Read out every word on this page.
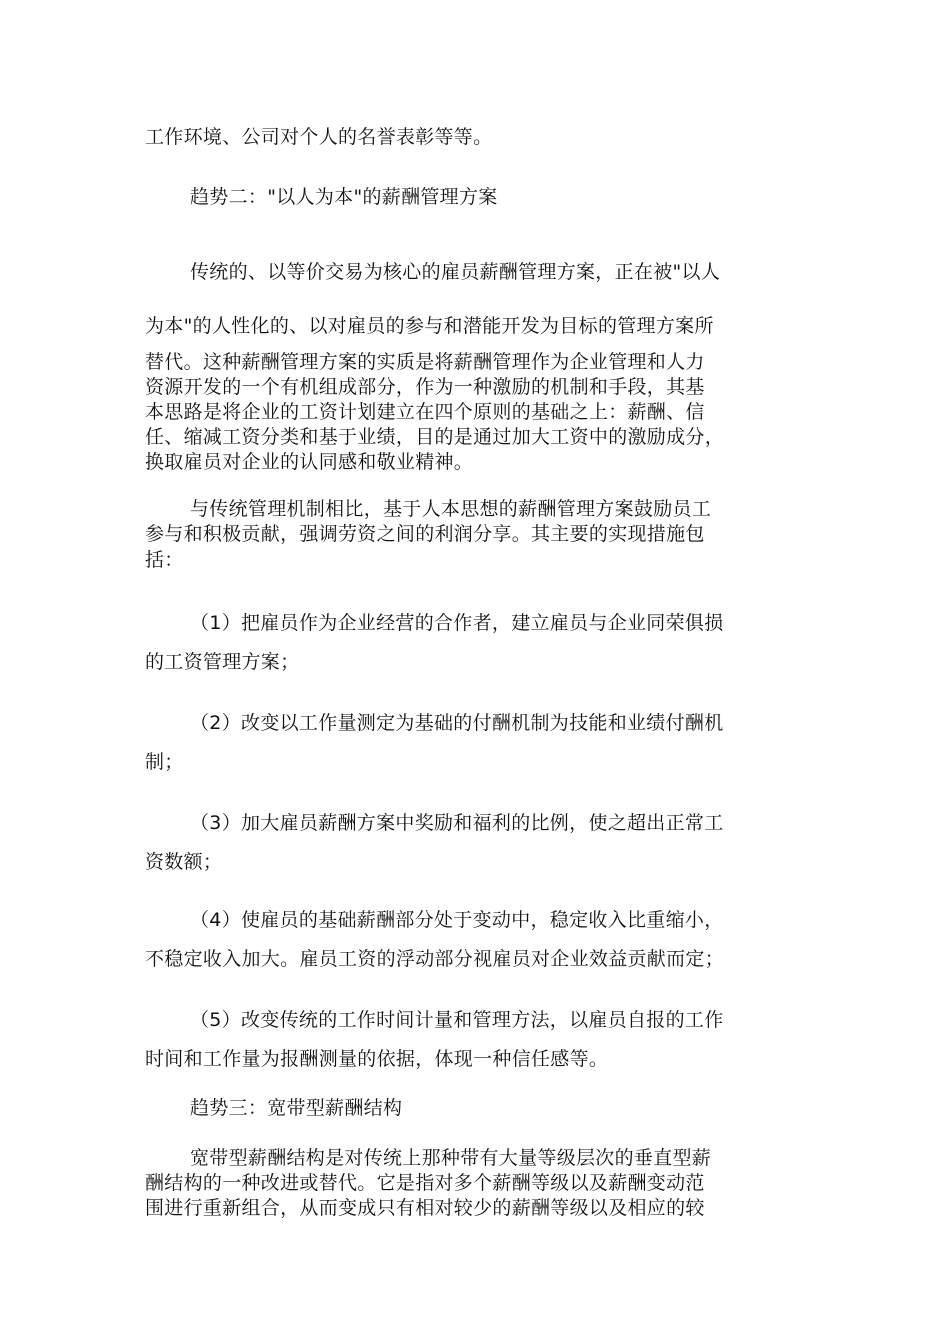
工作环境、公司对个人的名誉表彰等等。
趋势二："以人为本"的薪酬管理方案
传统的、以等价交易为核心的雇员薪酬管理方案，正在被"以人
为本"的人性化的、以对雇员的参与和潜能开发为目标的管理方案所
替代。这种薪酬管理方案的实质是将薪酬管理作为企业管理和人力
资源开发的一个有机组成部分，作为一种激励的机制和手段，其基
本思路是将企业的工资计划建立在四个原则的基础之上：薪酬、信
任、缩减工资分类和基于业绩，目的是通过加大工资中的激励成分，
换取雇员对企业的认同感和敬业精神。
与传统管理机制相比，基于人本思想的薪酬管理方案鼓励员工
参与和积极贡献，强调劳资之间的利润分享。其主要的实现措施包
括：
（1）把雇员作为企业经营的合作者，建立雇员与企业同荣俱损
的工资管理方案；
（2）改变以工作量测定为基础的付酬机制为技能和业绩付酬机
制；
（3）加大雇员薪酬方案中奖励和福利的比例，使之超出正常工
资数额；
（4）使雇员的基础薪酬部分处于变动中，稳定收入比重缩小，
不稳定收入加大。雇员工资的浮动部分视雇员对企业效益贡献而定；
（5）改变传统的工作时间计量和管理方法，以雇员自报的工作
时间和工作量为报酬测量的依据，体现一种信任感等。
趋势三：宽带型薪酬结构
宽带型薪酬结构是对传统上那种带有大量等级层次的垂直型薪
酬结构的一种改进或替代。它是指对多个薪酬等级以及薪酬变动范
围进行重新组合，从而变成只有相对较少的薪酬等级以及相应的较
